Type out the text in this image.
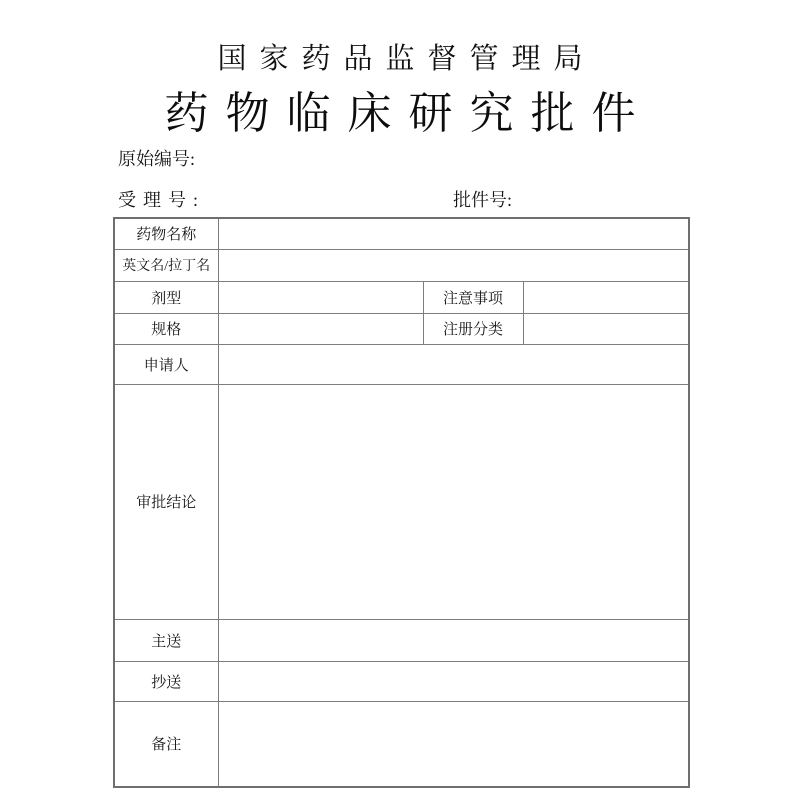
国家药品监督管理局
药物临床研究批件
原始编号:
受理号:	批件号:
药物名称			
英文名/拉丁名			
剂型		注意事项	
规格		注册分类	
申请人			
审批结论			
主送			
抄送			
备注			
